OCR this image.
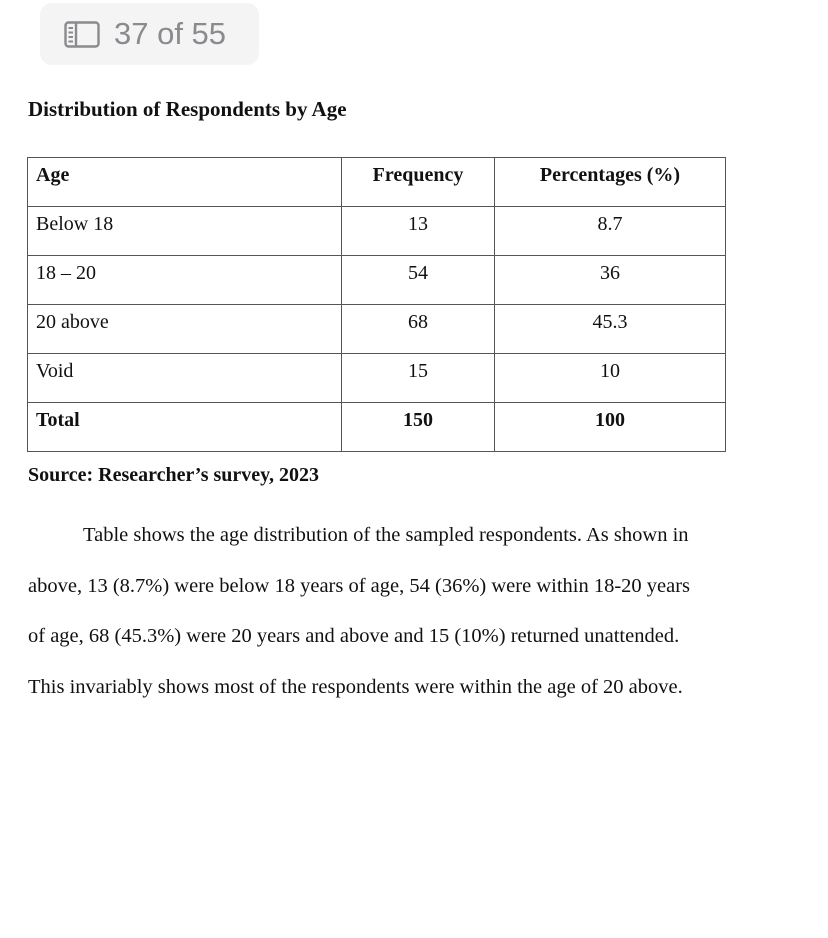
37 of 55
Distribution of Respondents by Age
Age	Frequency	Percentages (%)
Below 18	13	8.7
18 – 20	54	36
20 above	68	45.3
Void	15	10
Total	150	100
Source: Researcher’s survey, 2023
Table shows the age distribution of the sampled respondents. As shown in
above, 13 (8.7%) were below 18 years of age, 54 (36%) were within 18-20 years
of age, 68 (45.3%) were 20 years and above and 15 (10%) returned unattended.
This invariably shows most of the respondents were within the age of 20 above.
